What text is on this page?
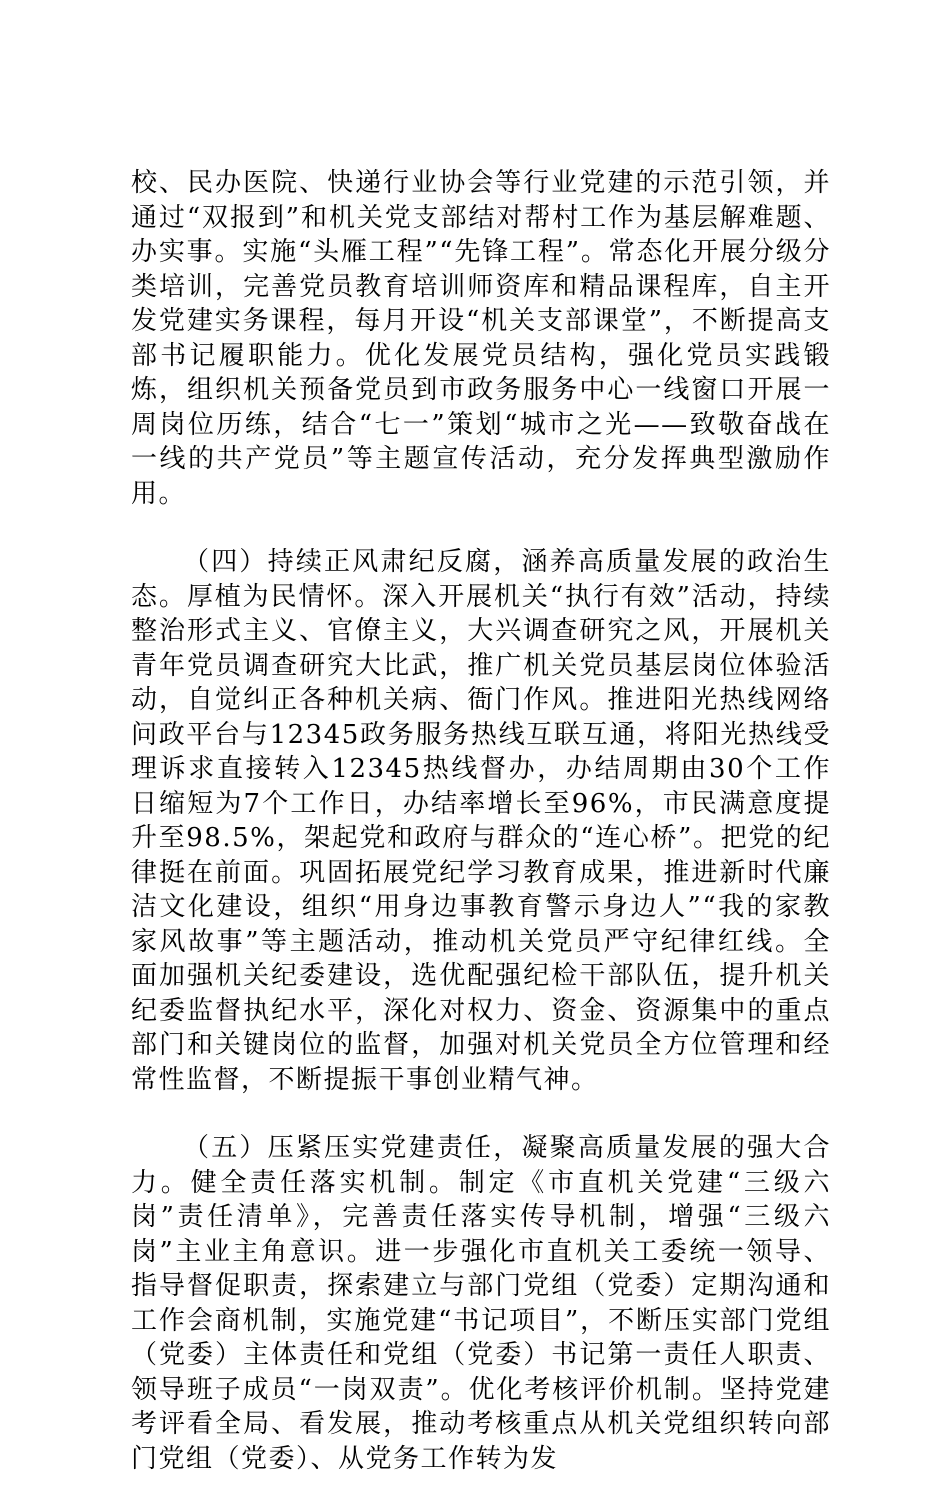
校、民办医院、快递行业协会等行业党建的示范引领，并通过“双报到”和机关党支部结对帮村工作为基层解难题、办实事。实施“头雁工程”“先锋工程”。常态化开展分级分类培训，完善党员教育培训师资库和精品课程库，自主开发党建实务课程，每月开设“机关支部课堂”，不断提高支部书记履职能力。优化发展党员结构，强化党员实践锻炼，组织机关预备党员到市政务服务中心一线窗口开展一周岗位历练，结合“七一”策划“城市之光——致敬奋战在一线的共产党员”等主题宣传活动，充分发挥典型激励作用。

（四）持续正风肃纪反腐，涵养高质量发展的政治生态。厚植为民情怀。深入开展机关“执行有效”活动，持续整治形式主义、官僚主义，大兴调查研究之风，开展机关青年党员调查研究大比武，推广机关党员基层岗位体验活动，自觉纠正各种机关病、衙门作风。推进阳光热线网络问政平台与12345政务服务热线互联互通，将阳光热线受理诉求直接转入12345热线督办，办结周期由30个工作日缩短为7个工作日，办结率增长至96%，市民满意度提升至98.5%，架起党和政府与群众的“连心桥”。把党的纪律挺在前面。巩固拓展党纪学习教育成果，推进新时代廉洁文化建设，组织“用身边事教育警示身边人”“我的家教家风故事”等主题活动，推动机关党员严守纪律红线。全面加强机关纪委建设，选优配强纪检干部队伍，提升机关纪委监督执纪水平，深化对权力、资金、资源集中的重点部门和关键岗位的监督，加强对机关党员全方位管理和经常性监督，不断提振干事创业精气神。

（五）压紧压实党建责任，凝聚高质量发展的强大合力。健全责任落实机制。制定《市直机关党建“三级六岗”责任清单》，完善责任落实传导机制，增强“三级六岗”主业主角意识。进一步强化市直机关工委统一领导、指导督促职责，探索建立与部门党组（党委）定期沟通和工作会商机制，实施党建“书记项目”，不断压实部门党组（党委）主体责任和党组（党委）书记第一责任人职责、领导班子成员“一岗双责”。优化考核评价机制。坚持党建考评看全局、看发展，推动考核重点从机关党组织转向部门党组（党委）、从党务工作转为发
